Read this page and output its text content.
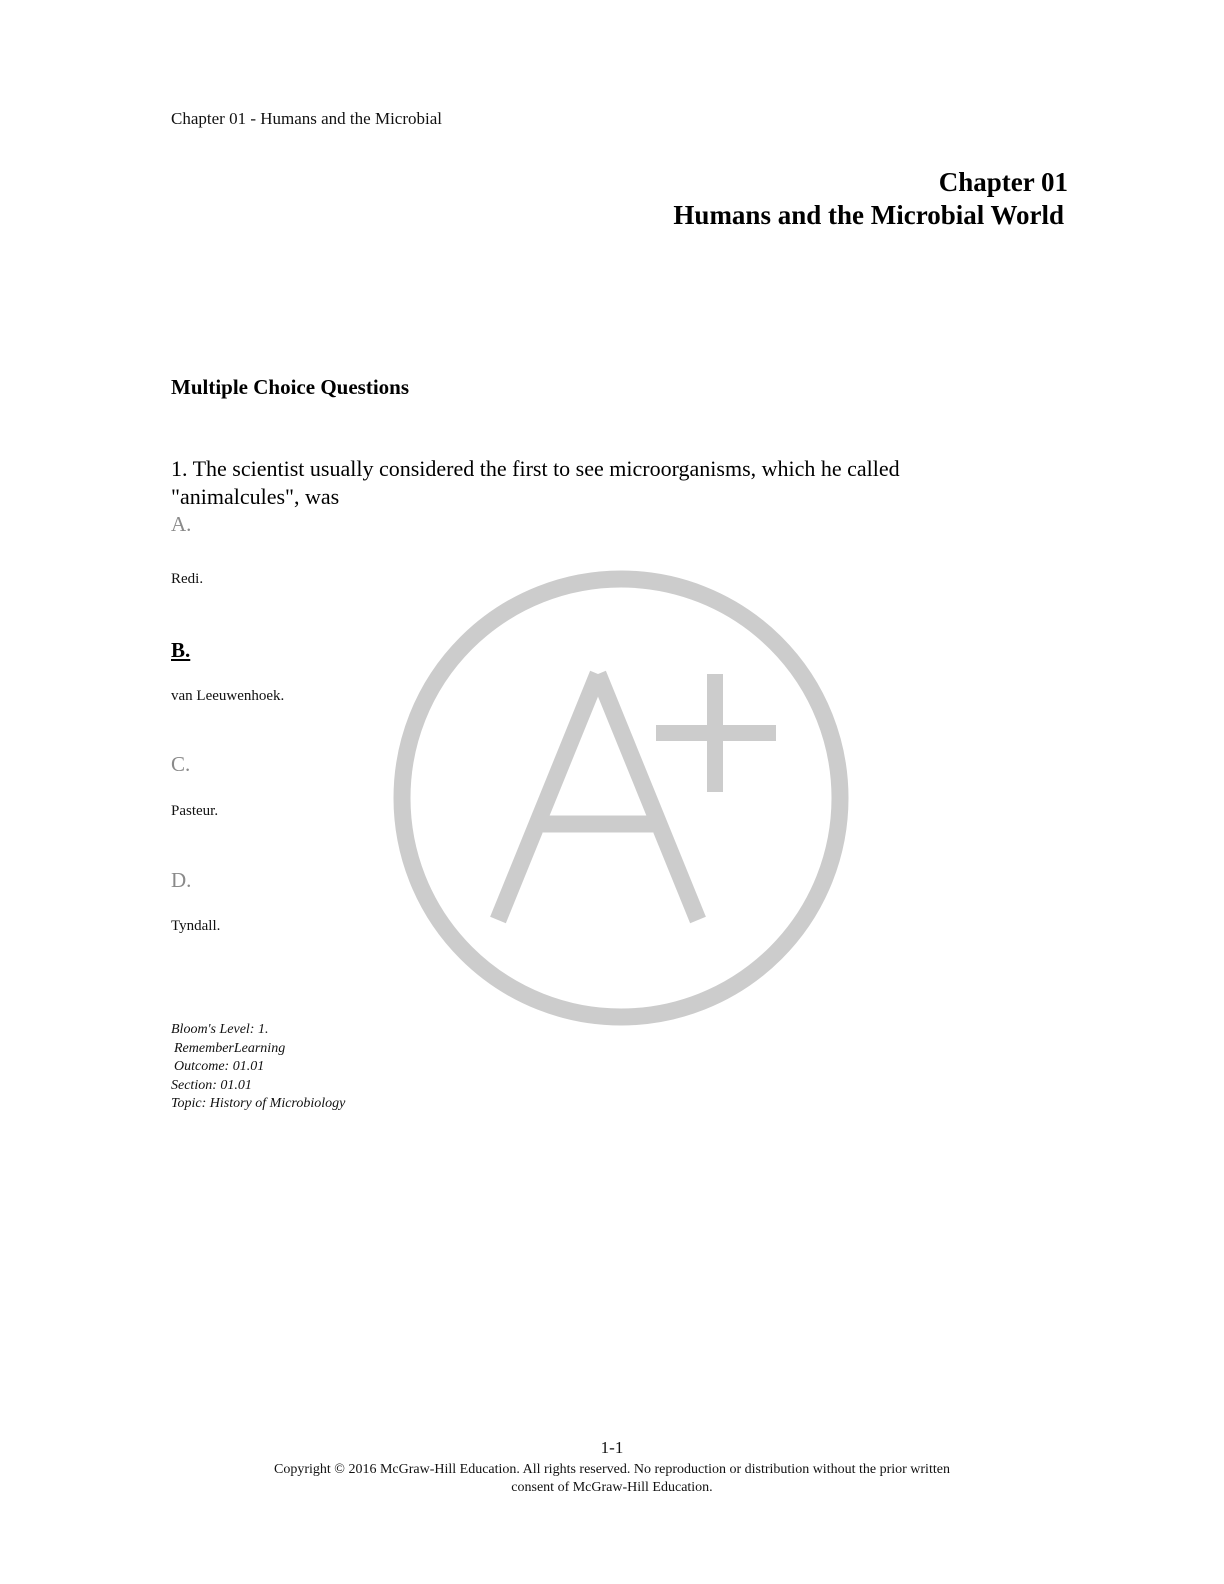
Chapter 01 - Humans and the Microbial
Chapter 01
Humans and the Microbial World
Multiple Choice Questions
1. The scientist usually considered the first to see microorganisms, which he called "animalcules", was
A.
Redi.
B.
van Leeuwenhoek.
C.
Pasteur.
D.
Tyndall.
Bloom's Level: 1.
RememberLearning
Outcome: 01.01
Section: 01.01
Topic: History of Microbiology
1-1
Copyright © 2016 McGraw-Hill Education. All rights reserved. No reproduction or distribution without the prior written
consent of McGraw-Hill Education.
